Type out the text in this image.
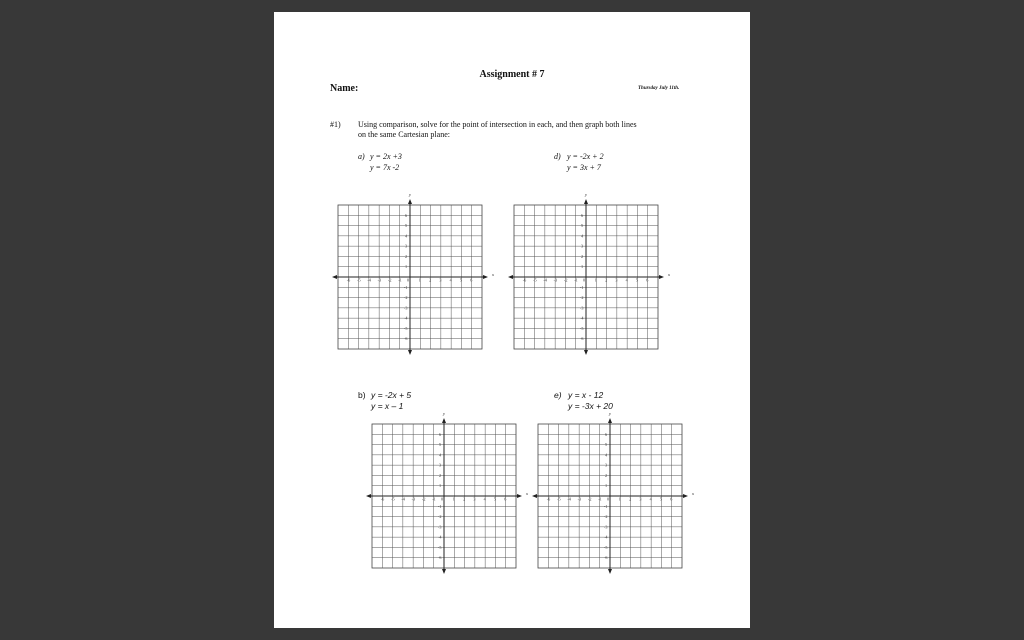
Assignment # 7
Name:	Thursday July 11th.
#1) Using comparison, solve for the point of intersection in each, and then graph both lines
on the same Cartesian plane:
a) y = 2x +3
y = 7x -2
d) y = -2x + 2
y = 3x + 7
b) y = -2x + 5
y = x – 1
e) y = x - 12
y = -3x + 20
x
y
-6 -5 -4 -3 -2 -1 0 1 2 3 4 5 6
6
5
4
3
2
1
-1
-2
-3
-4
-5
-6
x
y
-6 -5 -4 -3 -2 -1 0 1 2 3 4 5 6
6
5
4
3
2
1
-1
-2
-3
-4
-5
-6
x
y
-6 -5 -4 -3 -2 -1 0 1 2 3 4 5 6
6
5
4
3
2
1
-1
-2
-3
-4
-5
-6
x
y
-6 -5 -4 -3 -2 -1 0 1 2 3 4 5 6
6
5
4
3
2
1
-1
-2
-3
-4
-5
-6
